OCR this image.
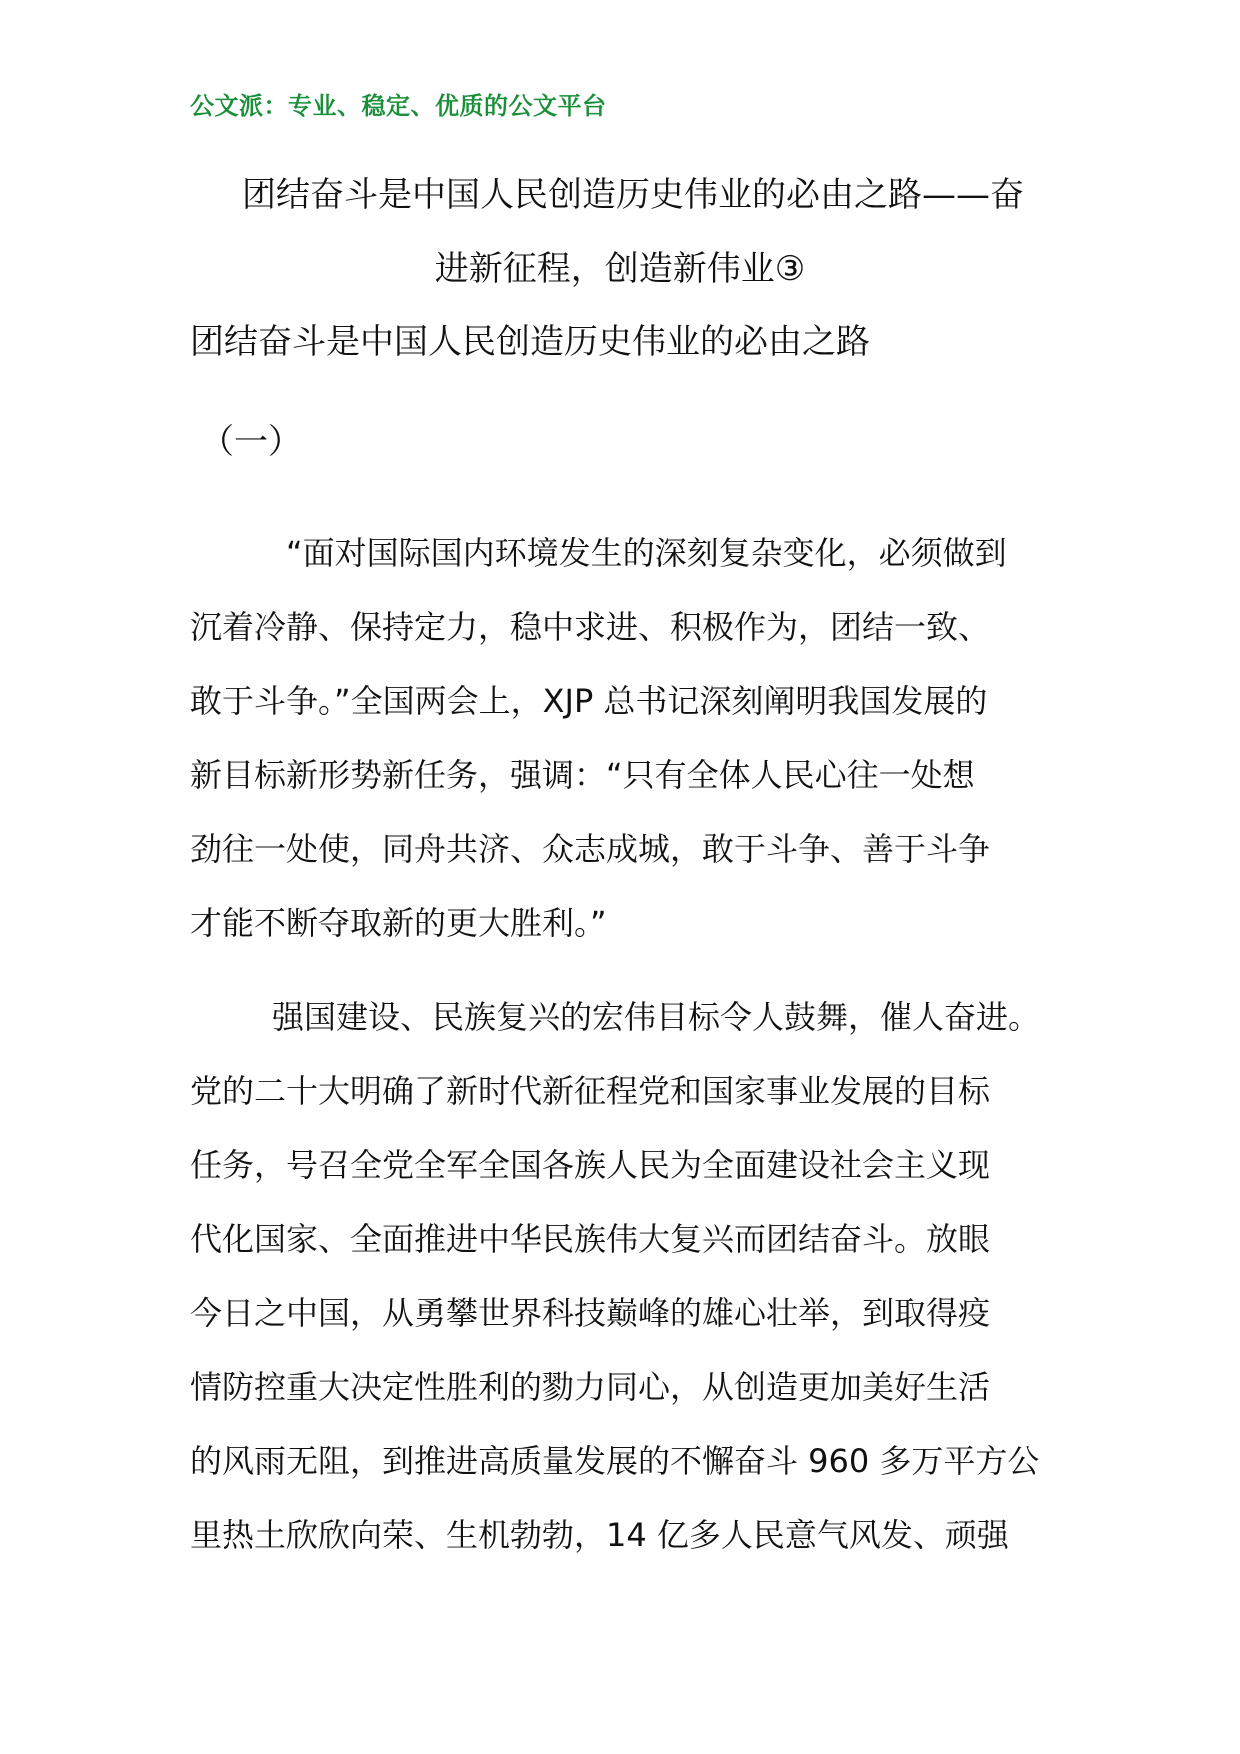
公文派：专业、稳定、优质的公文平台
团结奋斗是中国人民创造历史伟业的必由之路——奋
进新征程，创造新伟业③
团结奋斗是中国人民创造历史伟业的必由之路
（一）
“面对国际国内环境发生的深刻复杂变化，必须做到
沉着冷静、保持定力，稳中求进、积极作为，团结一致、
敢于斗争。”全国两会上，XJP 总书记深刻阐明我国发展的
新目标新形势新任务，强调：“只有全体人民心往一处想
劲往一处使，同舟共济、众志成城，敢于斗争、善于斗争
才能不断夺取新的更大胜利。”
强国建设、民族复兴的宏伟目标令人鼓舞，催人奋进。
党的二十大明确了新时代新征程党和国家事业发展的目标
任务，号召全党全军全国各族人民为全面建设社会主义现
代化国家、全面推进中华民族伟大复兴而团结奋斗。放眼
今日之中国，从勇攀世界科技巅峰的雄心壮举，到取得疫
情防控重大决定性胜利的勠力同心，从创造更加美好生活
的风雨无阻，到推进高质量发展的不懈奋斗 960 多万平方公
里热土欣欣向荣、生机勃勃，14 亿多人民意气风发、顽强
